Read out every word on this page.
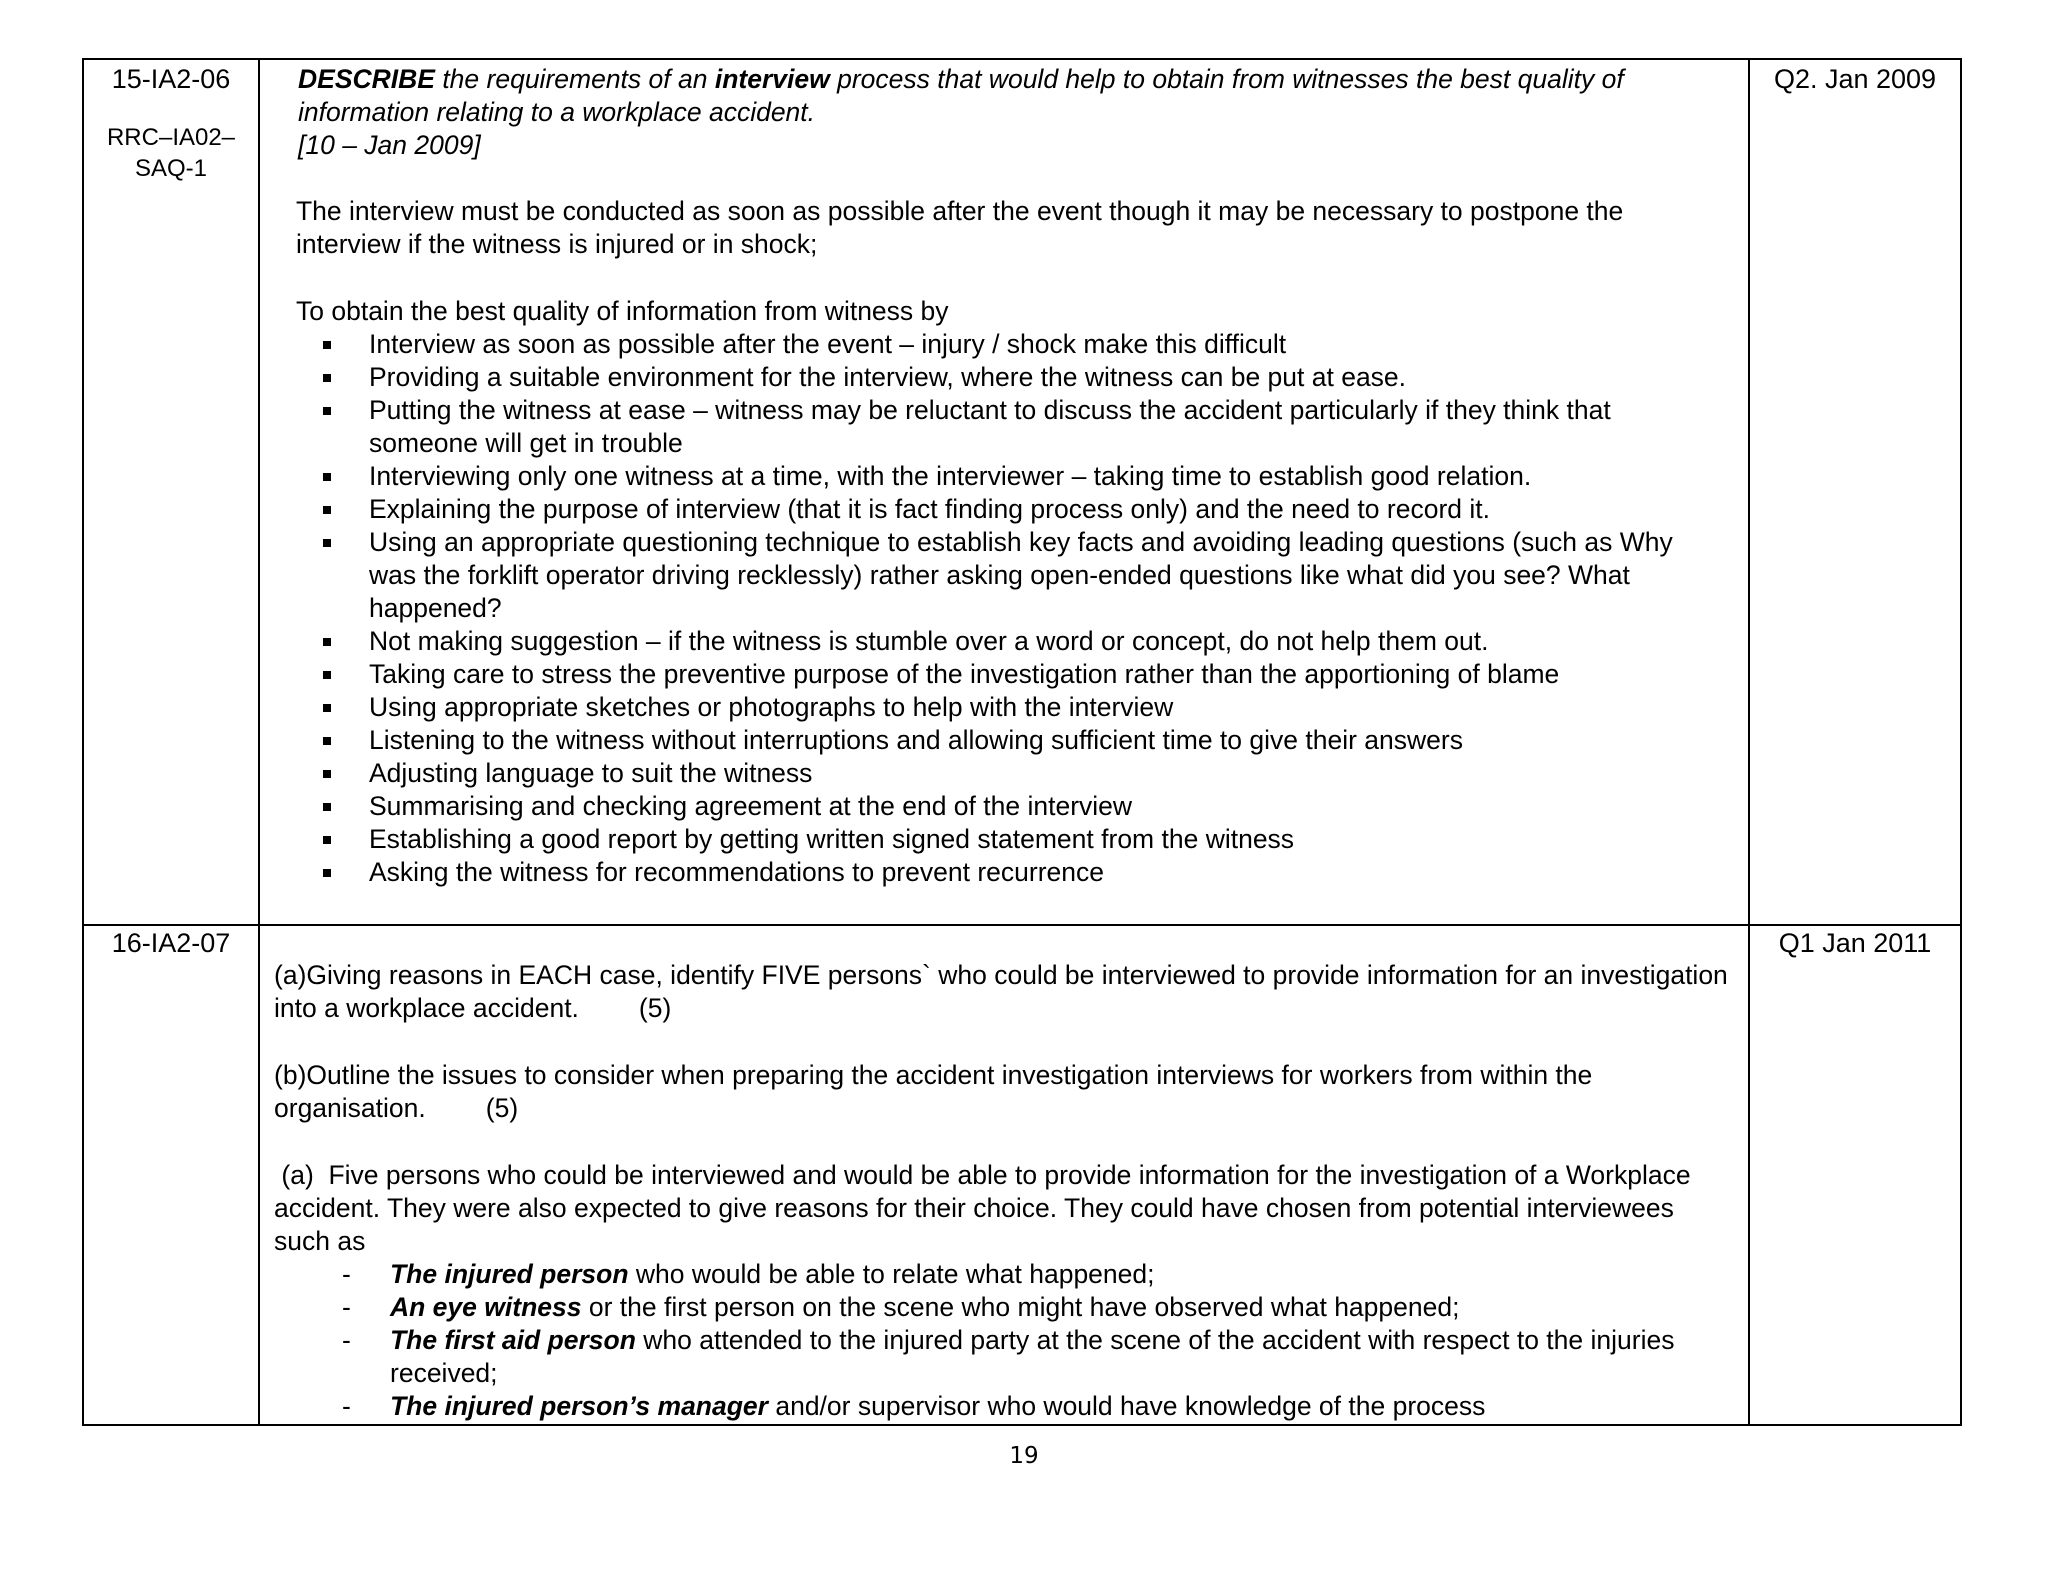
15-IA2-06
RRC–IA02–
SAQ-1
DESCRIBE the requirements of an interview process that would help to obtain from witnesses the best quality of information relating to a workplace accident.
[10 – Jan 2009]
The interview must be conducted as soon as possible after the event though it may be necessary to postpone the interview if the witness is injured or in shock;
To obtain the best quality of information from witness by
Interview as soon as possible after the event – injury / shock make this difficult
Providing a suitable environment for the interview, where the witness can be put at ease.
Putting the witness at ease – witness may be reluctant to discuss the accident particularly if they think that someone will get in trouble
Interviewing only one witness at a time, with the interviewer – taking time to establish good relation.
Explaining the purpose of interview (that it is fact finding process only) and the need to record it.
Using an appropriate questioning technique to establish key facts and avoiding leading questions (such as Why was the forklift operator driving recklessly) rather asking open-ended questions like what did you see? What happened?
Not making suggestion – if the witness is stumble over a word or concept, do not help them out.
Taking care to stress the preventive purpose of the investigation rather than the apportioning of blame
Using appropriate sketches or photographs to help with the interview
Listening to the witness without interruptions and allowing sufficient time to give their answers
Adjusting language to suit the witness
Summarising and checking agreement at the end of the interview
Establishing a good report by getting written signed statement from the witness
Asking the witness for recommendations to prevent recurrence
Q2. Jan 2009
16-IA2-07
(a)Giving reasons in EACH case, identify FIVE persons` who could be interviewed to provide information for an investigation into a workplace accident. (5)
(b)Outline the issues to consider when preparing the accident investigation interviews for workers from within the organisation. (5)
(a)  Five persons who could be interviewed and would be able to provide information for the investigation of a Workplace accident. They were also expected to give reasons for their choice. They could have chosen from potential interviewees such as
- The injured person who would be able to relate what happened;
- An eye witness or the first person on the scene who might have observed what happened;
- The first aid person who attended to the injured party at the scene of the accident with respect to the injuries received;
- The injured person’s manager and/or supervisor who would have knowledge of the process
Q1 Jan 2011
19
